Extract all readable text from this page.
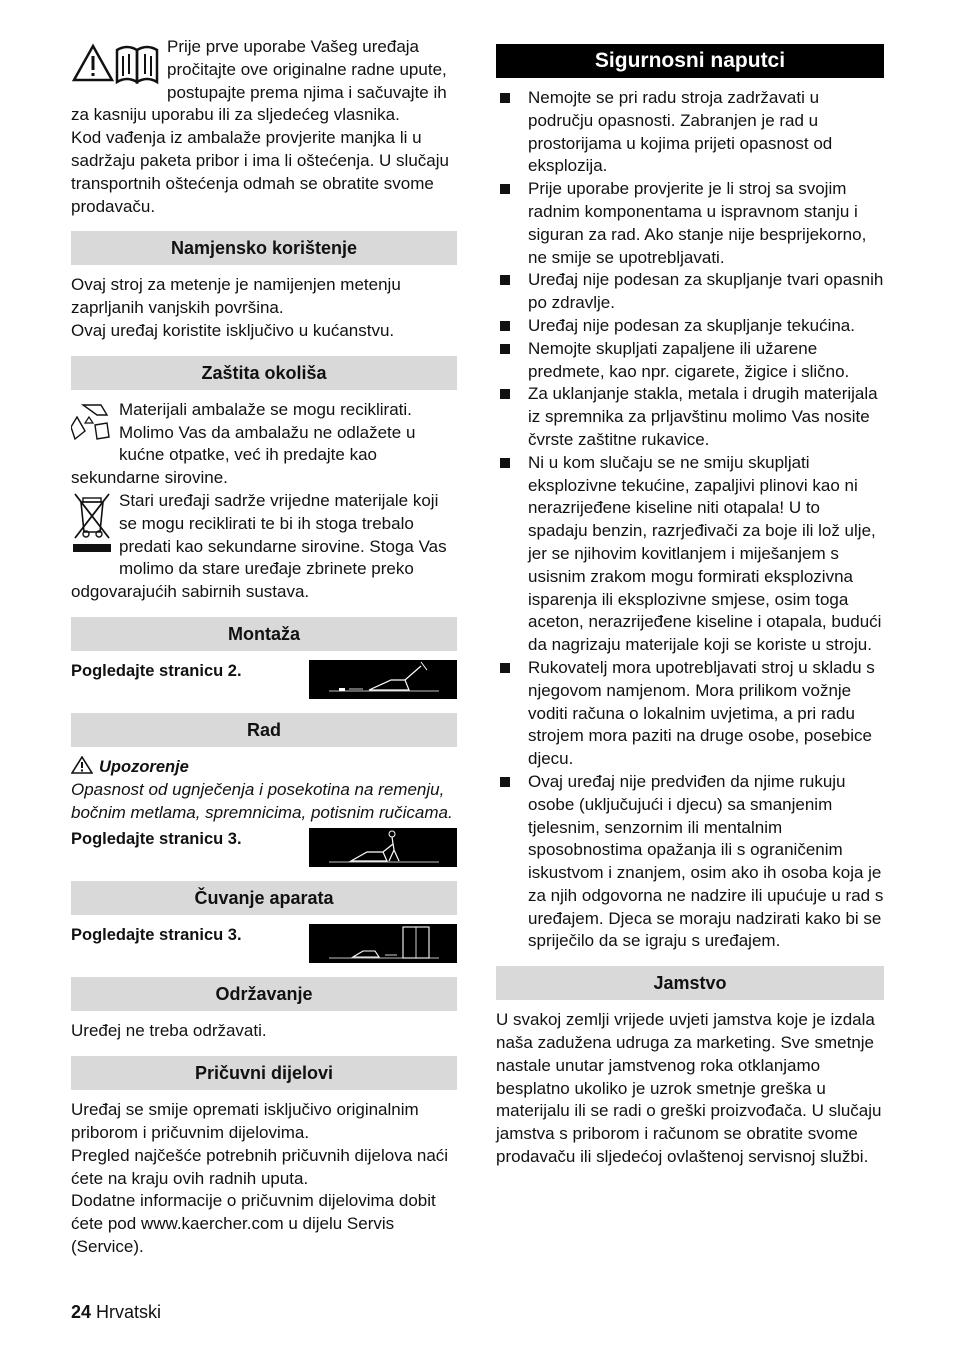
Prije prve uporabe Vašeg uređaja pročitajte ove originalne radne upute, postupajte prema njima i sačuvajte ih za kasniju uporabu ili za sljedećeg vlasnika.

Kod vađenja iz ambalaže provjerite manjka li u sadržaju paketa pribor i ima li oštećenja. U slučaju transportnih oštećenja odmah se obratite svome prodavaču.

Namjensko korištenje

Ovaj stroj za metenje je namijenjen metenju zaprljanih vanjskih površina.

Ovaj uređaj koristite isključivo u kućanstvu.

Zaštita okoliša

Materijali ambalaže se mogu reciklirati. Molimo Vas da ambalažu ne odlažete u kućne otpatke, već ih predajte kao sekundarne sirovine.

Stari uređaji sadrže vrijedne materijale koji se mogu reciklirati te bi ih stoga trebalo predati kao sekundarne sirovine. Stoga Vas molimo da stare uređaje zbrinete preko odgovarajućih sabirnih sustava.

Montaža
Pogledajte stranicu 2.
Rad
Upozorenje

Opasnost od ugnječenja i posekotina na remenju, bočnim metlama, spremnicima, potisnim ručicama.

Pogledajte stranicu 3.
Čuvanje aparata
Pogledajte stranicu 3.
Održavanje

Uređej ne treba održavati.

Pričuvni dijelovi

Uređaj se smije opremati isključivo originalnim priborom i pričuvnim dijelovima.

Pregled najčešće potrebnih pričuvnih dijelova naći ćete na kraju ovih radnih uputa.

Dodatne informacije o pričuvnim dijelovima dobit ćete pod www.kaercher.com u dijelu Servis (Service).

Sigurnosni naputci
Nemojte se pri radu stroja zadržavati u području opasnosti. Zabranjen je rad u prostorijama u kojima prijeti opasnost od eksplozija.
Prije uporabe provjerite je li stroj sa svojim radnim komponentama u ispravnom stanju i siguran za rad. Ako stanje nije besprijekorno, ne smije se upotrebljavati.
Uređaj nije podesan za skupljanje tvari opasnih po zdravlje.
Uređaj nije podesan za skupljanje tekućina.
Nemojte skupljati zapaljene ili užarene predmete, kao npr. cigarete, žigice i slično.
Za uklanjanje stakla, metala i drugih materijala iz spremnika za prljavštinu molimo Vas nosite čvrste zaštitne rukavice.
Ni u kom slučaju se ne smiju skupljati eksplozivne tekućine, zapaljivi plinovi kao ni nerazrijeđene kiseline niti otapala! U to spadaju benzin, razrjeđivači za boje ili lož ulje, jer se njihovim kovitlanjem i miješanjem s usisnim zrakom mogu formirati eksplozivna isparenja ili eksplozivne smjese, osim toga aceton, nerazrijeđene kiseline i otapala, budući da nagrizaju materijale koji se koriste u stroju.
Rukovatelj mora upotrebljavati stroj u skladu s njegovom namjenom. Mora prilikom vožnje voditi računa o lokalnim uvjetima, a pri radu strojem mora paziti na druge osobe, posebice djecu.
Ovaj uređaj nije predviđen da njime rukuju osobe (uključujući i djecu) sa smanjenim tjelesnim, senzornim ili mentalnim sposobnostima opažanja ili s ograničenim iskustvom i znanjem, osim ako ih osoba koja je za njih odgovorna ne nadzire ili upućuje u rad s uređajem. Djeca se moraju nadzirati kako bi se spriječilo da se igraju s uređajem.
Jamstvo

U svakoj zemlji vrijede uvjeti jamstva koje je izdala naša zadužena udruga za marketing. Sve smetnje nastale unutar jamstvenog roka otklanjamo besplatno ukoliko je uzrok smetnje greška u materijalu ili se radi o greški proizvođača. U slučaju jamstva s priborom i računom se obratite svome prodavaču ili sljedećoj ovlaštenoj servisnoj službi.

24 Hrvatski
